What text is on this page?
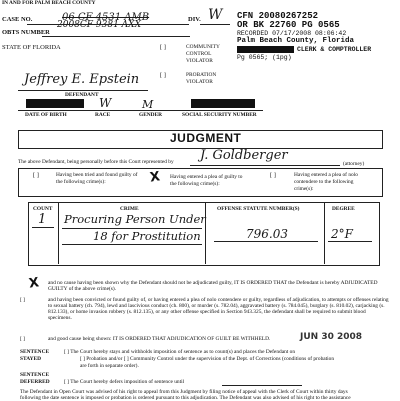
IN AND FOR PALM BEACH COUNTY
CASE NO.	06 CF 4531 AMB
2008CF 9381 AXX
DIV. W
OBTS NUMBER
STATE OF FLORIDA	[ ]	COMMUNITY
CONTROL
VIOLATOR
[ ]	PROBATION
VIOLATOR
CFN 20080267252
OR BK 22760 PG 0565
RECORDED 07/17/2008 08:06:42
Palm Beach County, Florida
CLERK & COMPTROLLER
Pg 0565; (1pg)
Jeffrey E. Epstein
DEFENDANT
W	M
DATE OF BIRTH	RACE	GENDER	SOCIAL SECURITY NUMBER
JUDGMENT
The above Defendant, being personally before this Court represented by J. Goldberger
(attorney)
[ ]	Having been tried and found guilty of
the following crime(s):	X Having entered a plea of guilty to
the following crime(s):
[ ]	Having entered a plea of nolo
contendere to the following
crime(s):
COUNT	CRIME	OFFENSE STATUTE NUMBER(S)	DEGREE
1 Procuring Person Under
18 for Prostitution	796.03	2°F
X and no cause having been shown why the Defendant should not be adjudicated guilty, IT IS ORDERED THAT the Defendant is hereby ADJUDICATED GUILTY of the above crime(s).
[ ]	and having been convicted or found guilty of, or having entered a plea of nolo contendere or guilty, regardless of adjudication, to attempts or offenses relating to sexual battery (ch. 794), lewd and lascivious conduct (ch. 800), or murder (s. 782.04), aggravated battery (s. 784.045), burglary (s. 810.02), carjacking (s. 812.133), or home invasion robbery (s. 812.135), or any other offense specified in Section 943.325, the defendant shall be required to submit blood specimens.
[ ]	and good cause being shown: IT IS ORDERED THAT ADJUDICATION OF GUILT BE WITHHELD.	JUN 30 2008
SENTENCE
STAYED
[ ] The Court hereby stays and withholds imposition of sentence as to count(s) and places the Defendant on
[ ] Probation and/or [ ] Community Control under the supervision of the Dept. of Corrections (conditions of probation
are forth in separate order).
SENTENCE
DEFERRED	[ ] The Court hereby defers imposition of sentence until
The Defendant in Open Court was advised of his right to appeal from this Judgment by filing notice of appeal with the Clerk of Court within thirty days
following the date sentence is imposed or probation is ordered pursuant to this adjudication. The Defendant was also advised of his right to the assistance
